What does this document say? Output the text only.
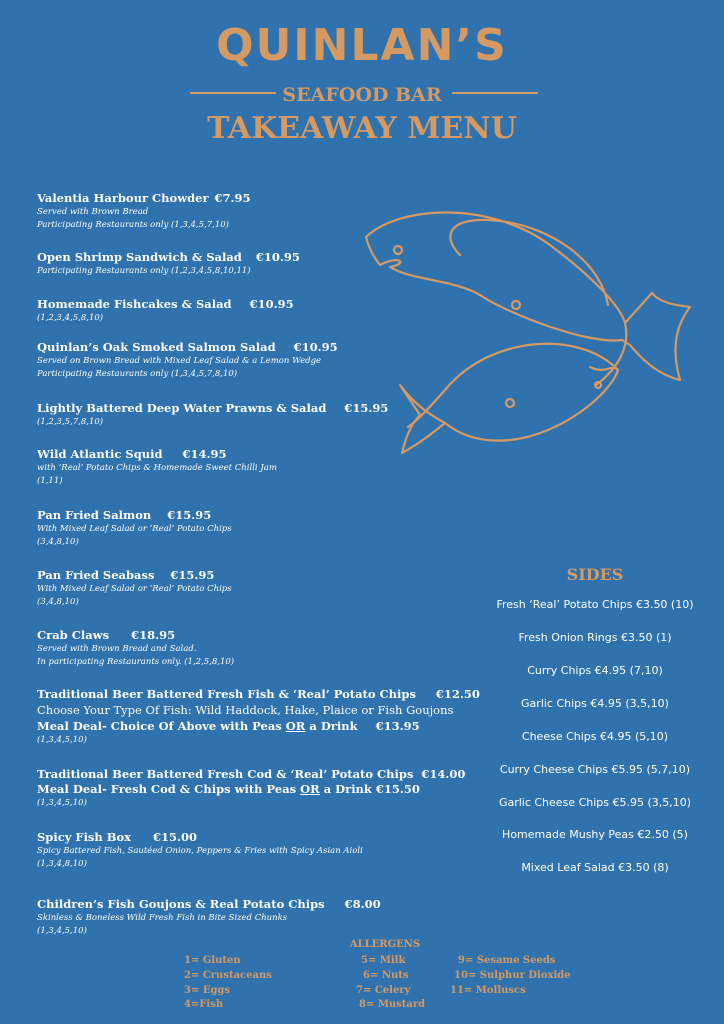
QUINLAN’S
SEAFOOD BAR
TAKEAWAY MENU
Valentia Harbour Chowder €7.95
Served with Brown Bread
Participating Restaurants only (1,3,4,5,7,10)
Open Shrimp Sandwich & Salad €10.95
Participating Restaurants only (1,2,3,4,5,8,10,11)
Homemade Fishcakes & Salad €10.95
(1,2,3,4,5,8,10)
Quinlan’s Oak Smoked Salmon Salad €10.95
Served on Brown Bread with Mixed Leaf Salad & a Lemon Wedge
Participating Restaurants only (1,3,4,5,7,8,10)
Lightly Battered Deep Water Prawns & Salad €15.95
(1,2,3,5,7,8,10)
Wild Atlantic Squid €14.95
with ‘Real’ Potato Chips & Homemade Sweet Chilli Jam
(1,11)
Pan Fried Salmon €15.95
With Mixed Leaf Salad or ‘Real’ Potato Chips
(3,4,8,10)
Pan Fried Seabass €15.95
With Mixed Leaf Salad or ‘Real’ Potato Chips
(3,4,8,10)
Crab Claws €18.95
Served with Brown Bread and Salad.
In participating Restaurants only. (1,2,5,8,10)
Traditional Beer Battered Fresh Fish & ‘Real’ Potato Chips €12.50
Choose Your Type Of Fish: Wild Haddock, Hake, Plaice or Fish Goujons
Meal Deal- Choice Of Above with Peas OR a Drink €13.95
(1,3,4,5,10)
Traditional Beer Battered Fresh Cod & ‘Real’ Potato Chips €14.00
Meal Deal- Fresh Cod & Chips with Peas OR a Drink €15.50
(1,3,4,5,10)
Spicy Fish Box €15.00
Spicy Battered Fish, Sautéed Onion, Peppers & Fries with Spicy Asian Aioli
(1,3,4,8,10)
Children’s Fish Goujons & Real Potato Chips €8.00
Skinless & Boneless Wild Fresh Fish in Bite Sized Chunks
(1,3,4,5,10)
SIDES
Fresh ‘Real’ Potato Chips €3.50 (10)
Fresh Onion Rings €3.50 (1)
Curry Chips €4.95 (7,10)
Garlic Chips €4.95 (3,5,10)
Cheese Chips €4.95 (5,10)
Curry Cheese Chips €5.95 (5,7,10)
Garlic Cheese Chips €5.95 (3,5,10)
Homemade Mushy Peas €2.50 (5)
Mixed Leaf Salad €3.50 (8)
ALLERGENS
1= Gluten
2= Crustaceans
3= Eggs
4=Fish
5= Milk
6= Nuts
7= Celery
8= Mustard
9= Sesame Seeds
10= Sulphur Dioxide
11= Molluscs
